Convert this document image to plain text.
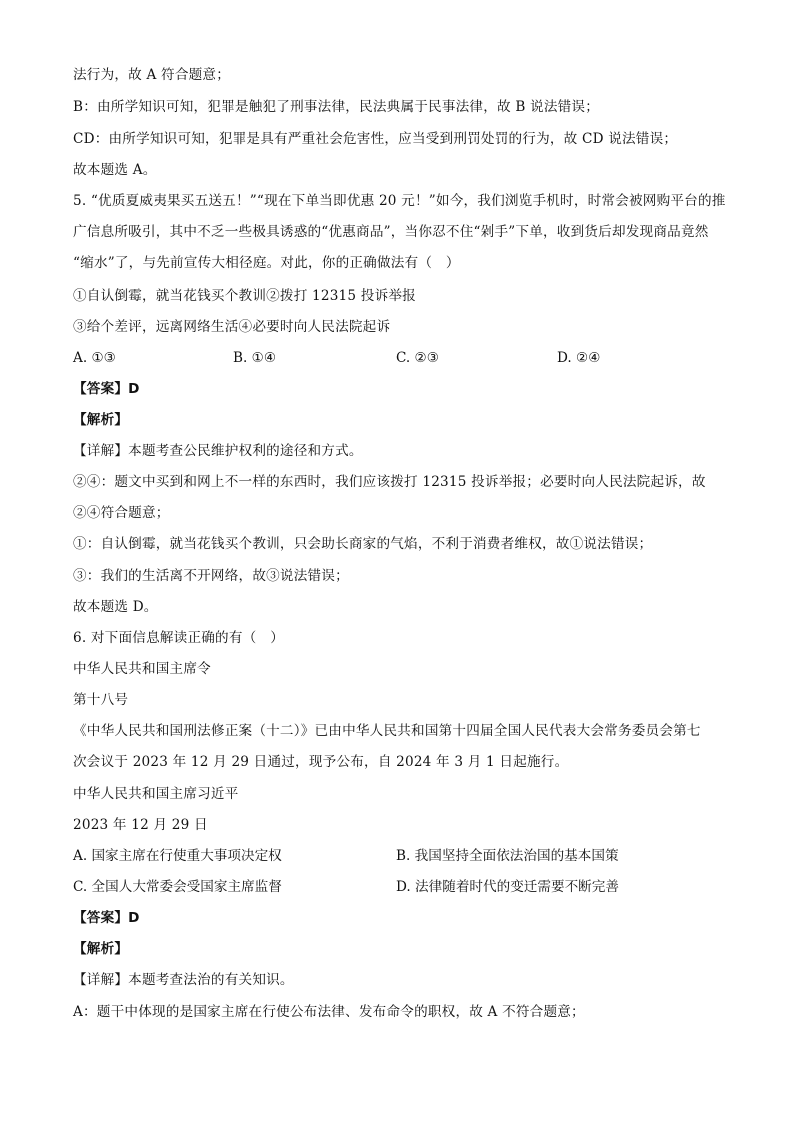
法行为，故 A 符合题意；
B：由所学知识可知，犯罪是触犯了刑事法律，民法典属于民事法律，故 B 说法错误；
CD：由所学知识可知，犯罪是具有严重社会危害性，应当受到刑罚处罚的行为，故 CD 说法错误；
故本题选 A。
5. “优质夏威夷果买五送五！”“现在下单当即优惠 20 元！”如今，我们浏览手机时，时常会被网购平台的推
广信息所吸引，其中不乏一些极具诱惑的“优惠商品”，当你忍不住“剁手”下单，收到货后却发现商品竟然
“缩水”了，与先前宣传大相径庭。对此，你的正确做法有（　）
①自认倒霉，就当花钱买个教训②拨打 12315 投诉举报
③给个差评，远离网络生活④必要时向人民法院起诉
A. ①③	B. ①④	C. ②③	D. ②④
【答案】D
【解析】
【详解】本题考查公民维护权利的途径和方式。
②④：题文中买到和网上不一样的东西时，我们应该拨打 12315 投诉举报；必要时向人民法院起诉，故
②④符合题意；
①：自认倒霉，就当花钱买个教训，只会助长商家的气焰，不利于消费者维权，故①说法错误；
③：我们的生活离不开网络，故③说法错误；
故本题选 D。
6. 对下面信息解读正确的有（　）
中华人民共和国主席令
第十八号
《中华人民共和国刑法修正案（十二）》已由中华人民共和国第十四届全国人民代表大会常务委员会第七
次会议于 2023 年 12 月 29 日通过，现予公布，自 2024 年 3 月 1 日起施行。
中华人民共和国主席习近平
2023 年 12 月 29 日
A. 国家主席在行使重大事项决定权	B. 我国坚持全面依法治国的基本国策
C. 全国人大常委会受国家主席监督	D. 法律随着时代的变迁需要不断完善
【答案】D
【解析】
【详解】本题考查法治的有关知识。
A：题干中体现的是国家主席在行使公布法律、发布命令的职权，故 A 不符合题意；
